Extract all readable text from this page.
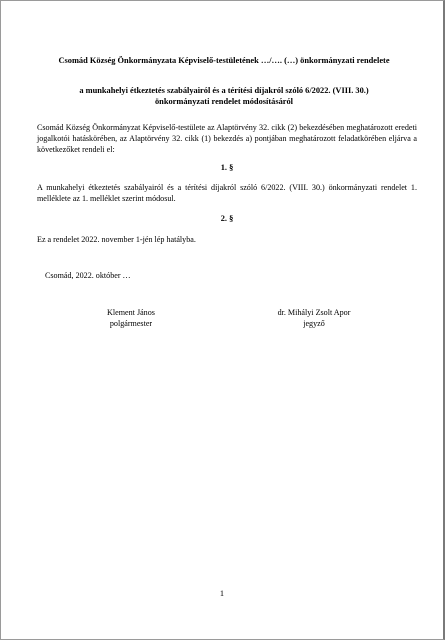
Csomád Község Önkormányzata Képviselő-testületének …/…. (…) önkormányzati rendelete
a munkahelyi étkeztetés szabályairól és a térítési díjakról szóló 6/2022. (VIII. 30.)
önkormányzati rendelet módosításáról
Csomád Község Önkormányzat Képviselő-testülete az Alaptörvény 32. cikk (2) bekezdésében meghatározott eredeti jogalkotói hatáskörében, az Alaptörvény 32. cikk (1) bekezdés a) pontjában meghatározott feladatkörében eljárva a következőket rendeli el:
1. §
A munkahelyi étkeztetés szabályairól és a térítési díjakról szóló 6/2022. (VIII. 30.) önkormányzati rendelet 1. melléklete az 1. melléklet szerint módosul.
2. §
Ez a rendelet 2022. november 1-jén lép hatályba.
Csomád, 2022. október …
Klement János
polgármester
dr. Mihályi Zsolt Apor
jegyző
1
